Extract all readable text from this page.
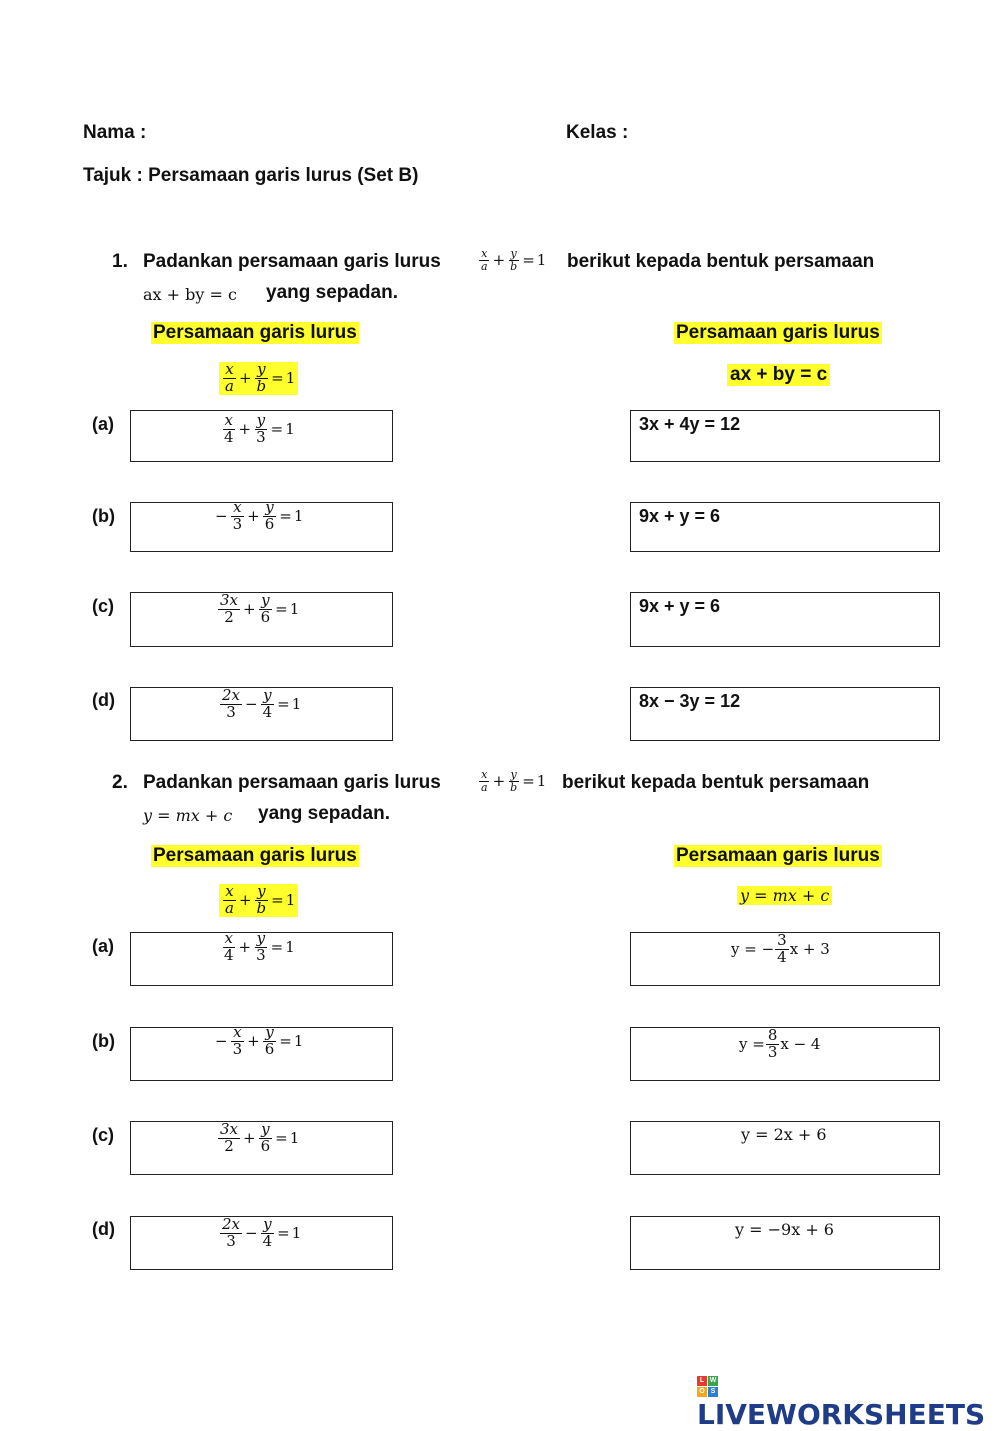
Nama :	Kelas :
Tajuk : Persamaan garis lurus (Set B)
1. Padankan persamaan garis lurus	$\frac{x}{a} + \frac{y}{b} = 1$ berikut kepada bentuk persamaan
ax + by = c yang sepadan.
Persamaan garis lurus	Persamaan garis lurus
$\frac{x}{a} + \frac{y}{b} = 1$	ax + by = c
(a)	$\frac{x}{4} + \frac{y}{3} = 1$	3x + 4y = 12
(b)	− $\frac{x}{3} + \frac{y}{6} = 1$	9x + y = 6
(c)	$\frac{3x}{2} + \frac{y}{6} = 1$	9x + y = 6
(d)	$\frac{2x}{3} - \frac{y}{4} = 1$	8x − 3y = 12
2. Padankan persamaan garis lurus	$\frac{x}{a} + \frac{y}{b} = 1$ berikut kepada bentuk persamaan
y = mx + c yang sepadan.
Persamaan garis lurus	Persamaan garis lurus
$\frac{x}{a} + \frac{y}{b} = 1$	y = mx + c
(a)	$\frac{x}{4} + \frac{y}{3} = 1$	y = − $\frac{3}{4}$ x + 3
(b)	− $\frac{x}{3} + \frac{y}{6} = 1$	$y = \frac{8}{3}$ x − 4
(c)	$\frac{3x}{2} + \frac{y}{6} = 1$	y = 2x + 6
(d)	$\frac{2x}{3} - \frac{y}{4} = 1$	y = −9x + 6
L W
O S
LIVEWORKSHEETS
